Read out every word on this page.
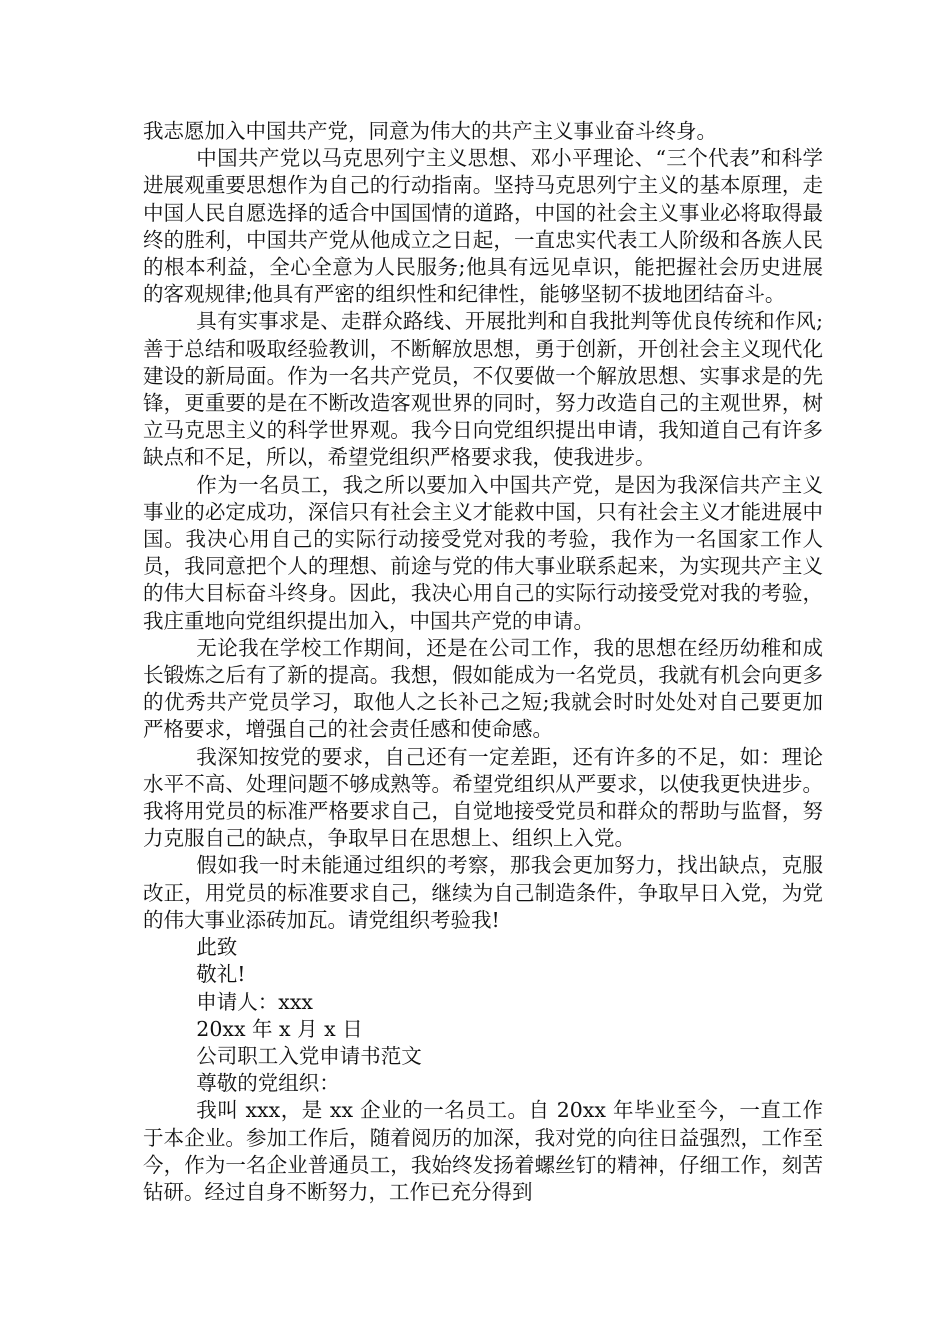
我志愿加入中国共产党，同意为伟大的共产主义事业奋斗终身。

中国共产党以马克思列宁主义思想、邓小平理论、“三个代表”和科学进展观重要思想作为自己的行动指南。坚持马克思列宁主义的基本原理，走中国人民自愿选择的适合中国国情的道路，中国的社会主义事业必将取得最终的胜利，中国共产党从他成立之日起，一直忠实代表工人阶级和各族人民的根本利益，全心全意为人民服务;他具有远见卓识，能把握社会历史进展的客观规律;他具有严密的组织性和纪律性，能够坚韧不拔地团结奋斗。

具有实事求是、走群众路线、开展批判和自我批判等优良传统和作风;善于总结和吸取经验教训，不断解放思想，勇于创新，开创社会主义现代化建设的新局面。作为一名共产党员，不仅要做一个解放思想、实事求是的先锋，更重要的是在不断改造客观世界的同时，努力改造自己的主观世界，树立马克思主义的科学世界观。我今日向党组织提出申请，我知道自己有许多缺点和不足，所以，希望党组织严格要求我，使我进步。

作为一名员工，我之所以要加入中国共产党，是因为我深信共产主义事业的必定成功，深信只有社会主义才能救中国，只有社会主义才能进展中国。我决心用自己的实际行动接受党对我的考验，我作为一名国家工作人员，我同意把个人的理想、前途与党的伟大事业联系起来，为实现共产主义的伟大目标奋斗终身。因此，我决心用自己的实际行动接受党对我的考验，我庄重地向党组织提出加入，中国共产党的申请。

无论我在学校工作期间，还是在公司工作，我的思想在经历幼稚和成长锻炼之后有了新的提高。我想，假如能成为一名党员，我就有机会向更多的优秀共产党员学习，取他人之长补己之短;我就会时时处处对自己要更加严格要求，增强自己的社会责任感和使命感。

我深知按党的要求，自己还有一定差距，还有许多的不足，如：理论水平不高、处理问题不够成熟等。希望党组织从严要求，以使我更快进步。我将用党员的标准严格要求自己，自觉地接受党员和群众的帮助与监督，努力克服自己的缺点，争取早日在思想上、组织上入党。

假如我一时未能通过组织的考察，那我会更加努力，找出缺点，克服改正，用党员的标准要求自己，继续为自己制造条件，争取早日入党，为党的伟大事业添砖加瓦。请党组织考验我!

此致

敬礼!

申请人：xxx

20xx 年 x 月 x 日

公司职工入党申请书范文

尊敬的党组织：

我叫 xxx，是 xx 企业的一名员工。自 20xx 年毕业至今，一直工作于本企业。参加工作后，随着阅历的加深，我对党的向往日益强烈，工作至今，作为一名企业普通员工，我始终发扬着螺丝钉的精神，仔细工作，刻苦钻研。经过自身不断努力，工作已充分得到
